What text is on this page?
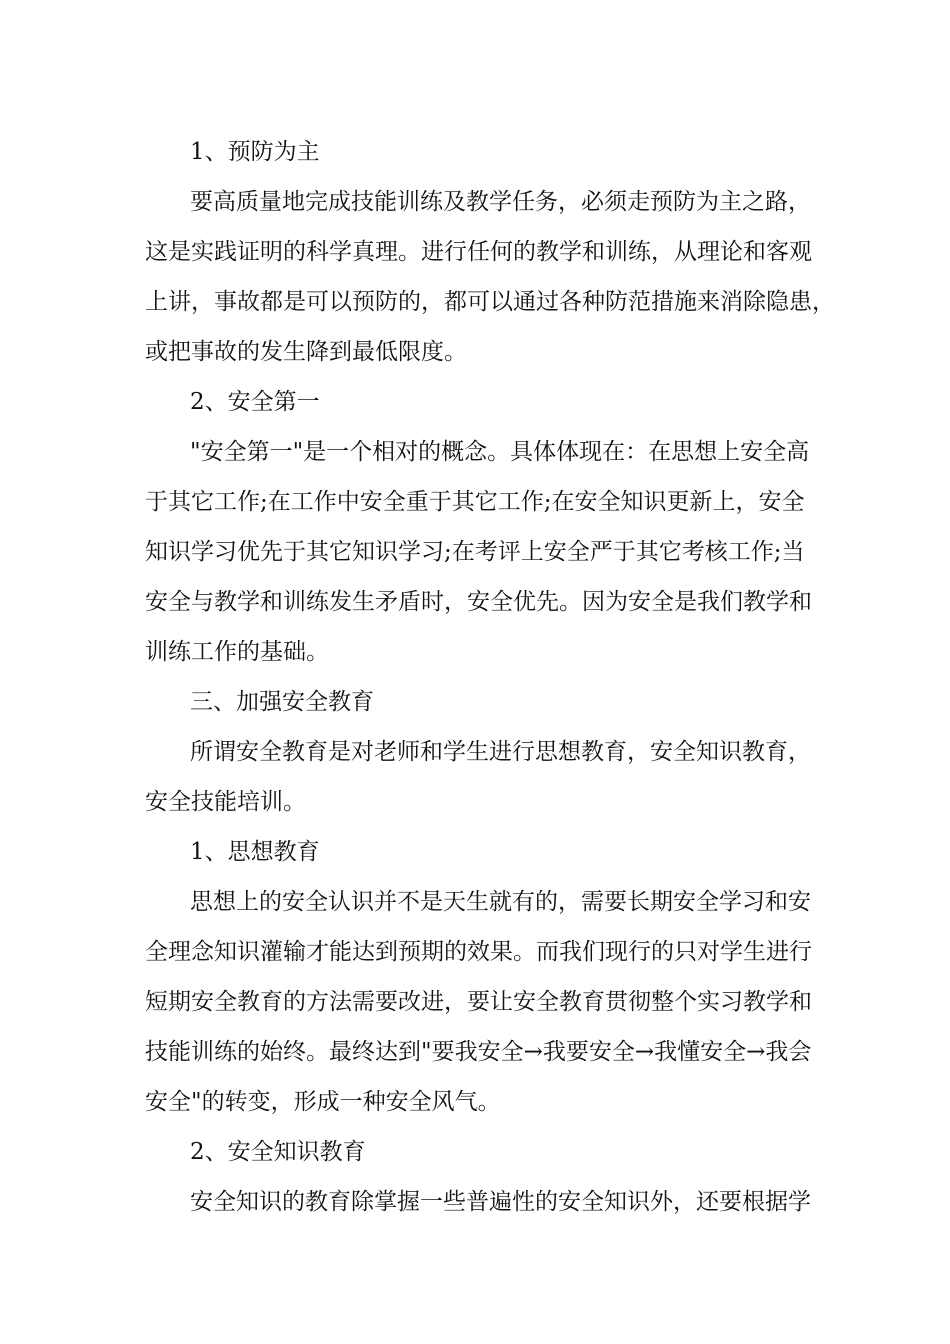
1、预防为主
要高质量地完成技能训练及教学任务，必须走预防为主之路，
这是实践证明的科学真理。进行任何的教学和训练，从理论和客观
上讲，事故都是可以预防的，都可以通过各种防范措施来消除隐患，
或把事故的发生降到最低限度。
2、安全第一
"安全第一"是一个相对的概念。具体体现在：在思想上安全高
于其它工作;在工作中安全重于其它工作;在安全知识更新上，安全
知识学习优先于其它知识学习;在考评上安全严于其它考核工作;当
安全与教学和训练发生矛盾时，安全优先。因为安全是我们教学和
训练工作的基础。
三、加强安全教育
所谓安全教育是对老师和学生进行思想教育，安全知识教育，
安全技能培训。
1、思想教育
思想上的安全认识并不是天生就有的，需要长期安全学习和安
全理念知识灌输才能达到预期的效果。而我们现行的只对学生进行
短期安全教育的方法需要改进，要让安全教育贯彻整个实习教学和
技能训练的始终。最终达到"要我安全→我要安全→我懂安全→我会
安全"的转变，形成一种安全风气。
2、安全知识教育
安全知识的教育除掌握一些普遍性的安全知识外，还要根据学
